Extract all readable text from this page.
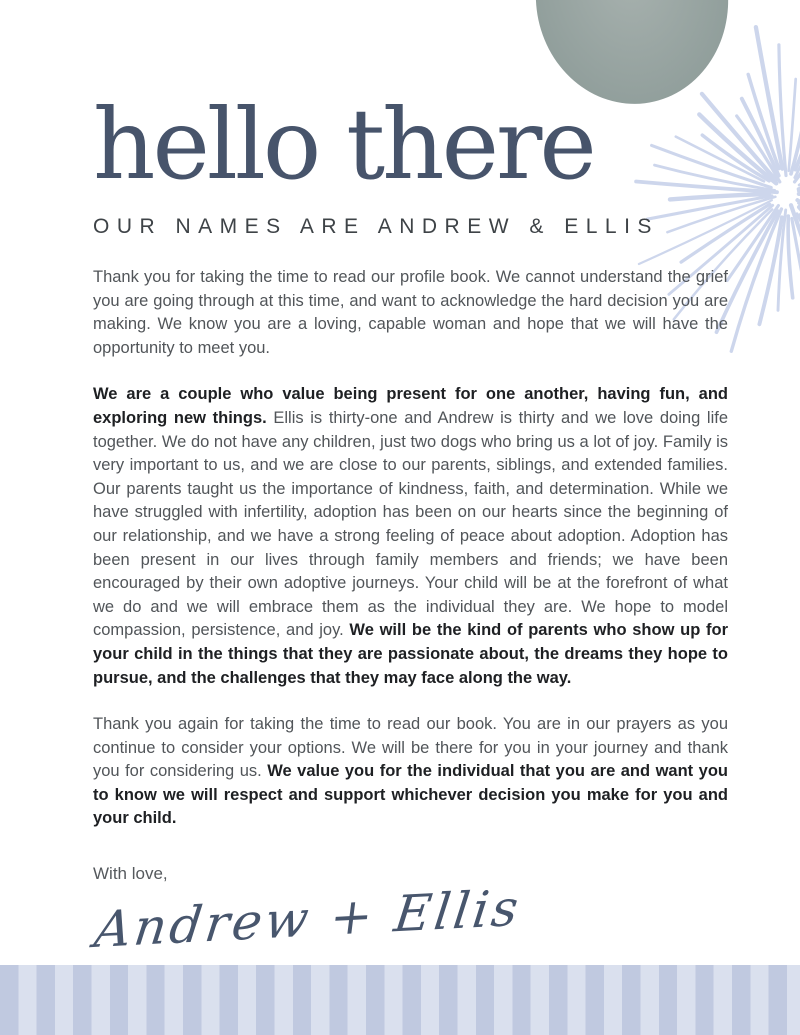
hello there
OUR NAMES ARE ANDREW & ELLIS

Thank you for taking the time to read our profile book. We cannot understand the grief you are going through at this time, and want to acknowledge the hard decision you are making. We know you are a loving, capable woman and hope that we will have the opportunity to meet you.

We are a couple who value being present for one another, having fun, and exploring new things. Ellis is thirty-one and Andrew is thirty and we love doing life together. We do not have any children, just two dogs who bring us a lot of joy. Family is very important to us, and we are close to our parents, siblings, and extended families. Our parents taught us the importance of kindness, faith, and determination. While we have struggled with infertility, adoption has been on our hearts since the beginning of our relationship, and we have a strong feeling of peace about adoption. Adoption has been present in our lives through family members and friends; we have been encouraged by their own adoptive journeys. Your child will be at the forefront of what we do and we will embrace them as the individual they are. We hope to model compassion, persistence, and joy. We will be the kind of parents who show up for your child in the things that they are passionate about, the dreams they hope to pursue, and the challenges that they may face along the way.

Thank you again for taking the time to read our book. You are in our prayers as you continue to consider your options. We will be there for you in your journey and thank you for considering us. We value you for the individual that you are and want you to know we will respect and support whichever decision you make for you and your child.

With love,

Andrew + Ellis
